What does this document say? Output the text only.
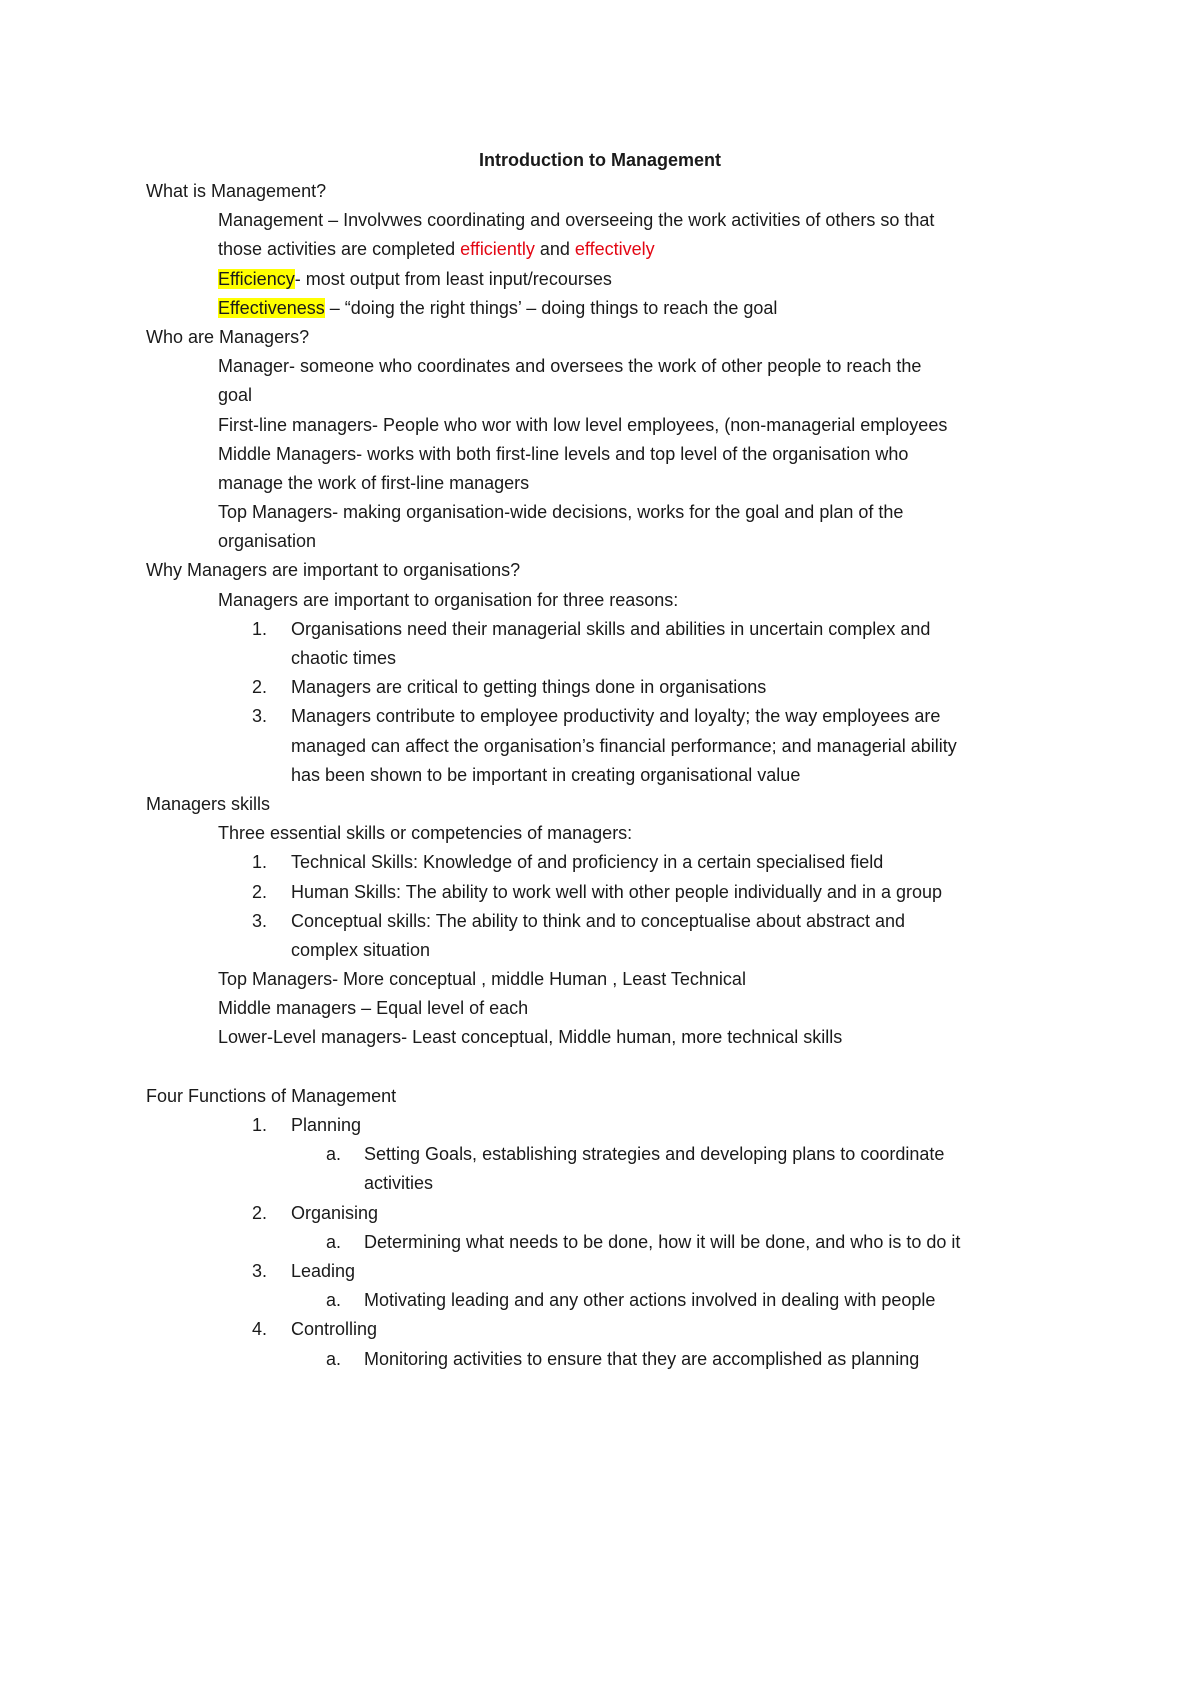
Introduction to Management
What is Management?
Management – Involvwes coordinating and overseeing the work activities of others so that
those activities are completed efficiently and effectively
Efficiency- most output from least input/recourses
Effectiveness – “doing the right things’ – doing things to reach the goal
Who are Managers?
Manager- someone who coordinates and oversees the work of other people to reach the
goal
First-line managers- People who wor with low level employees, (non-managerial employees
Middle Managers- works with both first-line levels and top level of the organisation who
manage the work of first-line managers
Top Managers- making organisation-wide decisions, works for the goal and plan of the
organisation
Why Managers are important to organisations?
Managers are important to organisation for three reasons:
1. Organisations need their managerial skills and abilities in uncertain complex and
chaotic times
2. Managers are critical to getting things done in organisations
3. Managers contribute to employee productivity and loyalty; the way employees are
managed can affect the organisation’s financial performance; and managerial ability
has been shown to be important in creating organisational value
Managers skills
Three essential skills or competencies of managers:
1. Technical Skills: Knowledge of and proficiency in a certain specialised field
2. Human Skills: The ability to work well with other people individually and in a group
3. Conceptual skills: The ability to think and to conceptualise about abstract and
complex situation
Top Managers- More conceptual , middle Human , Least Technical
Middle managers – Equal level of each
Lower-Level managers- Least conceptual, Middle human, more technical skills
Four Functions of Management
1. Planning
a. Setting Goals, establishing strategies and developing plans to coordinate
activities
2. Organising
a. Determining what needs to be done, how it will be done, and who is to do it
3. Leading
a. Motivating leading and any other actions involved in dealing with people
4. Controlling
a. Monitoring activities to ensure that they are accomplished as planning
